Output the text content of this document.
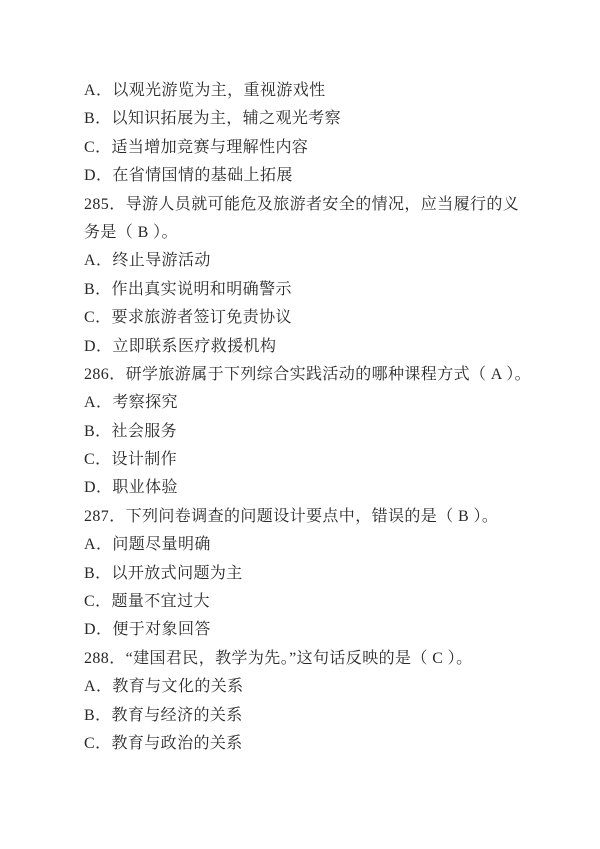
A．以观光游览为主，重视游戏性
B．以知识拓展为主，辅之观光考察
C．适当增加竞赛与理解性内容
D．在省情国情的基础上拓展
285．导游人员就可能危及旅游者安全的情况，应当履行的义
务是（ B ）。
A．终止导游活动
B．作出真实说明和明确警示
C．要求旅游者签订免责协议
D．立即联系医疗救援机构
286．研学旅游属于下列综合实践活动的哪种课程方式（ A ）。
A．考察探究
B．社会服务
C．设计制作
D．职业体验
287．下列问卷调查的问题设计要点中，错误的是（ B ）。
A．问题尽量明确
B．以开放式问题为主
C．题量不宜过大
D．便于对象回答
288．“建国君民，教学为先。”这句话反映的是（ C ）。
A．教育与文化的关系
B．教育与经济的关系
C．教育与政治的关系
